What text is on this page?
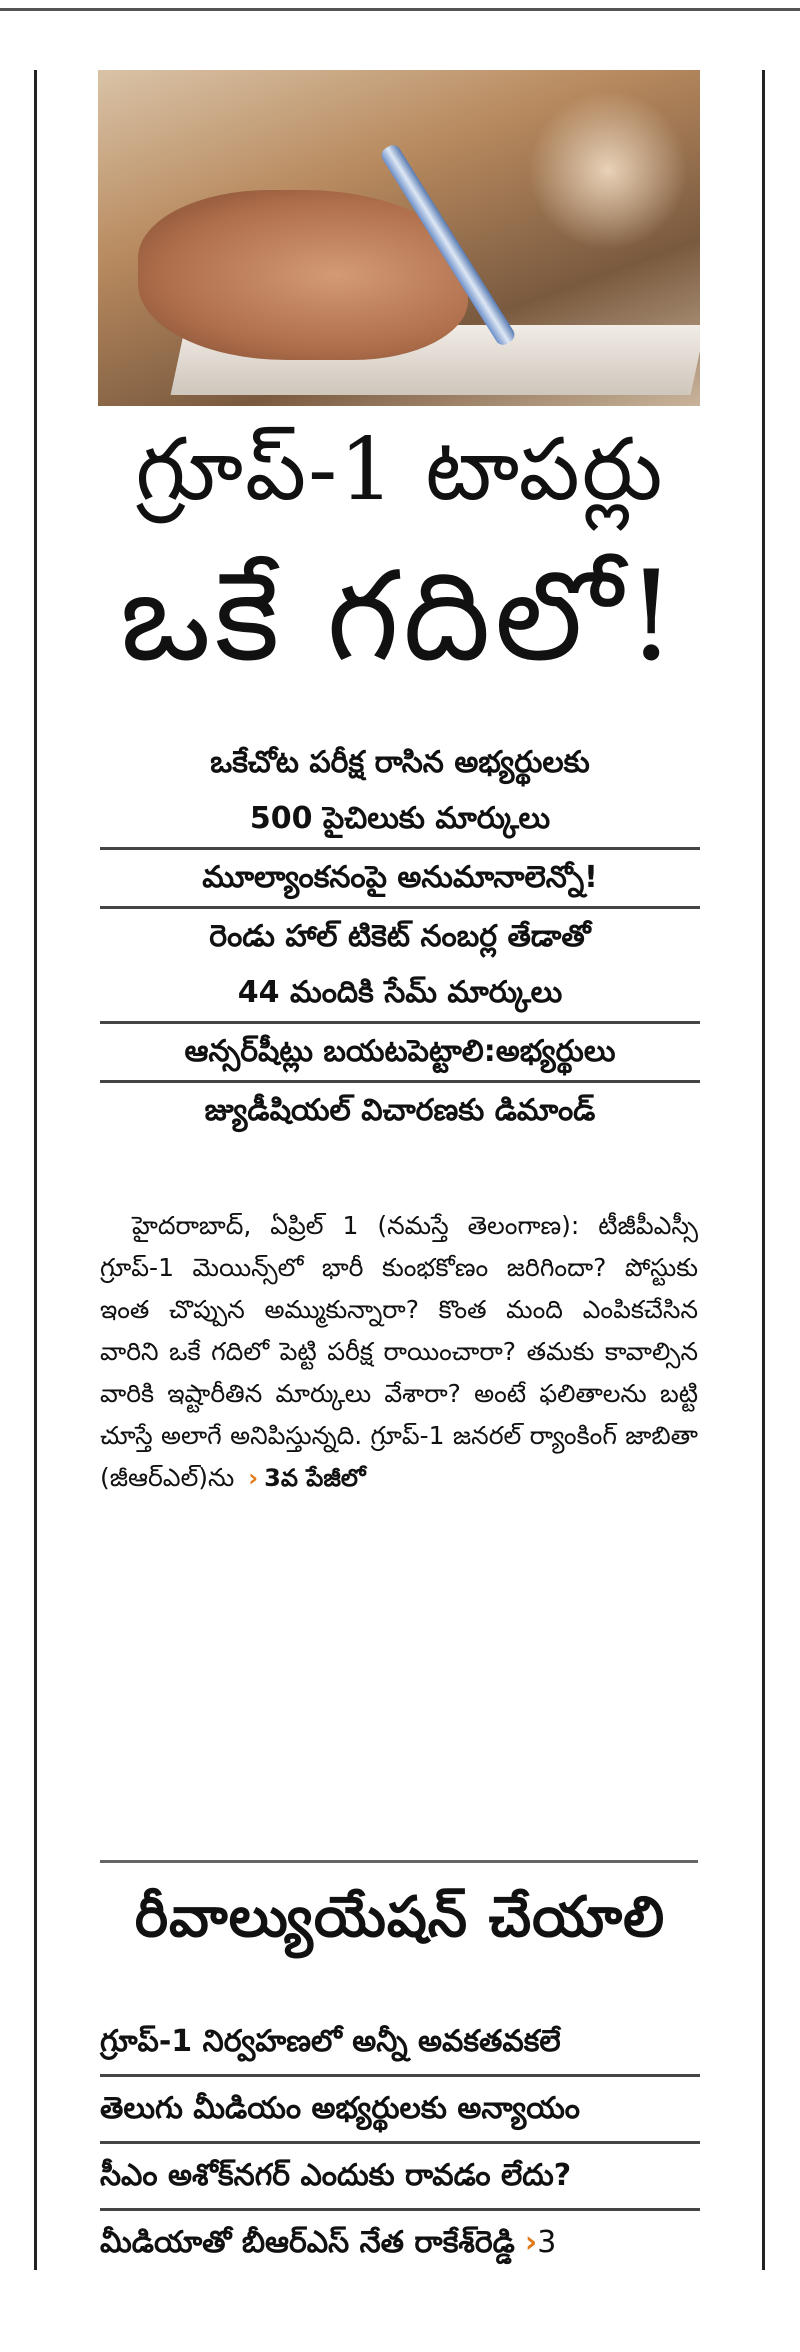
గ్రూప్-1 టాపర్లు
ఒకే గదిలో!

ఒకేచోట పరీక్ష రాసిన అభ్యర్థులకు

500 పైచిలుకు మార్కులు

మూల్యాంకనంపై అనుమానాలెన్నో!

రెండు హాల్ టికెట్ నంబర్ల తేడాతో

44 మందికి సేమ్ మార్కులు

ఆన్సర్‌షీట్లు బయటపెట్టాలి:అభ్యర్థులు

జ్యుడీషియల్ విచారణకు డిమాండ్

హైదరాబాద్, ఏప్రిల్ 1 (నమస్తే తెలంగాణ): టీజీపీఎస్సీ గ్రూప్-1 మెయిన్స్‌లో భారీ కుంభకోణం జరిగిందా? పోస్టుకు ఇంత చొప్పున అమ్ముకున్నారా? కొంత మంది ఎంపికచేసిన వారిని ఒకే గదిలో పెట్టి పరీక్ష రాయించారా? తమకు కావాల్సిన వారికి ఇష్టారీతిన మార్కులు వేశారా? అంటే ఫలితాలను బట్టి చూస్తే అలాగే అనిపిస్తున్నది. గ్రూప్-1 జనరల్ ర్యాంకింగ్ జాబితా (జీఆర్ఎల్)ను › 3వ పేజీలో

రీవాల్యుయేషన్ చేయాలి

గ్రూప్-1 నిర్వహణలో అన్నీ అవకతవకలే

తెలుగు మీడియం అభ్యర్థులకు అన్యాయం

సీఎం అశోక్‌నగర్ ఎందుకు రావడం లేదు?

మీడియాతో బీఆర్ఎస్ నేత రాకేశ్‌రెడ్డి ›3
